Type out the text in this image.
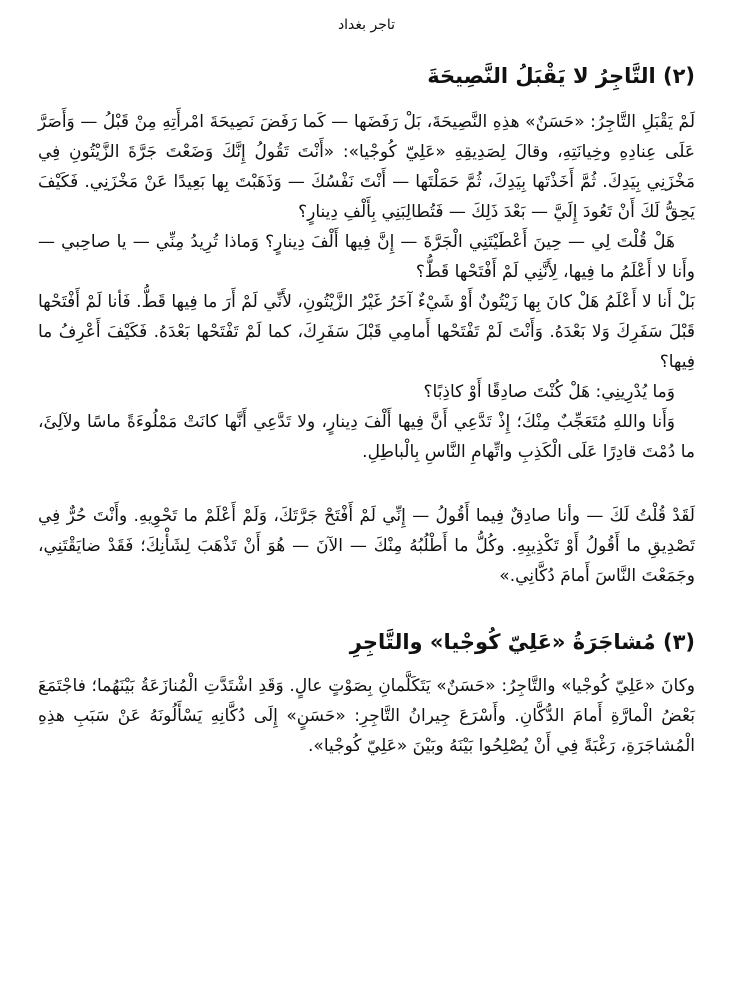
تاجر بغداد
(٢) التَّاجِرُ لا يَقْبَلُ النَّصِيحَةَ

لَمْ يَقْبَلِ التَّاجِرُ: «حَسَنٌ» هذِهِ النَّصِيحَةَ، بَلْ رَفَضَها — كَما رَفَضَ نَصِيحَةَ امْرأَتِهِ مِنْ قَبْلُ — وَأَصَرَّ عَلَى عِنادِهِ وخِيانَتِهِ، وقالَ لِصَدِيقِهِ «عَلِيّ كُوجْيا»: «أَنْتَ تَقُولُ إِنَّكَ وَضَعْتَ جَرَّةَ الزَّيْتُونِ فِي مَخْزَنِي بِيَدِكَ. ثُمَّ أَخَذْتَها بِيَدِكَ، ثُمَّ حَمَلْتَها — أَنْتَ نَفْسُكَ — وَذَهَبْتَ بِها بَعِيدًا عَنْ مَخْزَنِي. فَكَيْفَ يَحِقُّ لَكَ أَنْ تَعُودَ إِلَيَّ — بَعْدَ ذَلِكَ — فَتُطالِبَنِي بِأَلْفِ دِينارٍ؟

هَلْ قُلْتَ لِي — حِينَ أَعْطَيْتَنِي الْجَرَّةَ — إِنَّ فِيها أَلْفَ دِينارٍ؟ وَماذا تُرِيدُ مِنِّي — يا صاحِبي — وأَنا لا أَعْلَمُ ما فِيها، لِأَنَّنِي لَمْ أَفْتَحْها قَطُّ؟

بَلْ أَنا لا أَعْلَمُ هَلْ كانَ بِها زَيْتُونٌ أَوْ شَيْءٌ آخَرُ غَيْرُ الزَّيْتُونِ، لأَنِّي لَمْ أَرَ ما فِيها قَطُّ. فَأنا لَمْ أَفْتَحْها قَبْلَ سَفَرِكَ وَلا بَعْدَهُ. وَأَنْتَ لَمْ تَفْتَحْها أَمامِي قَبْلَ سَفَرِكَ، كما لَمْ تَفْتَحْها بَعْدَهُ. فَكَيْفَ أَعْرِفُ ما فِيها؟

وَما يُدْرِينِي: هَلْ كُنْتَ صادِقًا أَوْ كاذِبًا؟

وَأَنا واللهِ مُتَعَجِّبٌ مِنْكَ؛ إِذْ تَدَّعِي أَنَّ فِيها أَلْفَ دِينارٍ، ولا تَدَّعِي أَنَّها كانَتْ مَمْلُوءَةً ماسًا ولآلِئَ، ما دُمْتَ قادِرًا عَلَى الْكَذِبِ واتِّهامِ النَّاسِ بِالْباطِلِ.

لَقَدْ قُلْتُ لَكَ — وأنا صادِقٌ فِيما أَقُولُ — إِنِّي لَمْ أَفْتَحْ جَرَّتَكَ، وَلَمْ أَعْلَمْ ما تَحْوِيهِ. وأَنْتَ حُرٌّ فِي تَصْدِيقِ ما أَقُولُ أَوْ تَكْذِيبِهِ. وكُلُّ ما أَطْلُبُهُ مِنْكَ — الآنَ — هُوَ أَنْ تَذْهَبَ لِشَأْنِكَ؛ فَقَدْ ضايَقْتَنِي، وجَمَعْتَ النَّاسَ أَمامَ دُكَّانِي.»

(٣) مُشاجَرَةُ «عَلِيّ كُوجْيا» والتَّاجِرِ

وكانَ «عَلِيّ كُوجْيا» والتَّاجِرُ: «حَسَنٌ» يَتَكَلَّمانِ بِصَوْتٍ عالٍ. وَقَدِ اشْتَدَّتِ الْمُنازَعَةُ بَيْنَهُما؛ فاجْتَمَعَ بَعْضُ الْمارَّةِ أَمامَ الدُّكَّانِ. وأَسْرَعَ جِيرانُ التَّاجِرِ: «حَسَنٍ» إِلَى دُكَّانِهِ يَسْأَلُونَهُ عَنْ سَبَبِ هذِهِ الْمُشاجَرَةِ، رَغْبَةً فِي أَنْ يُصْلِحُوا بَيْنَهُ وبَيْنَ «عَلِيّ كُوجْيا».
